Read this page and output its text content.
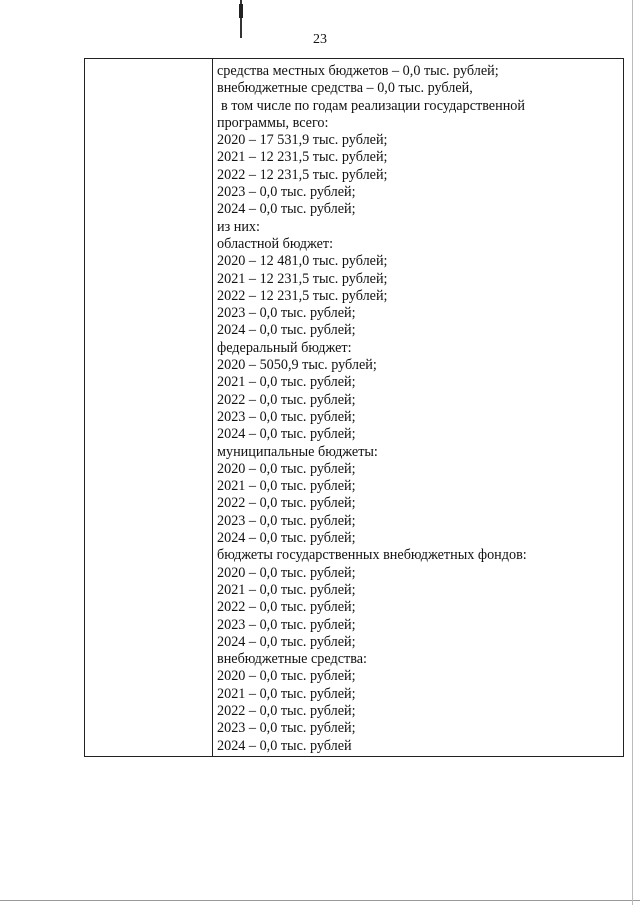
23
средства местных бюджетов – 0,0 тыс. рублей;
внебюджетные средства – 0,0 тыс. рублей,
в том числе по годам реализации государственной
программы, всего:
2020 – 17 531,9 тыс. рублей;
2021 – 12 231,5 тыс. рублей;
2022 – 12 231,5 тыс. рублей;
2023 – 0,0 тыс. рублей;
2024 – 0,0 тыс. рублей;
из них:
областной бюджет:
2020 – 12 481,0 тыс. рублей;
2021 – 12 231,5 тыс. рублей;
2022 – 12 231,5 тыс. рублей;
2023 – 0,0 тыс. рублей;
2024 – 0,0 тыс. рублей;
федеральный бюджет:
2020 – 5050,9 тыс. рублей;
2021 – 0,0 тыс. рублей;
2022 – 0,0 тыс. рублей;
2023 – 0,0 тыс. рублей;
2024 – 0,0 тыс. рублей;
муниципальные бюджеты:
2020 – 0,0 тыс. рублей;
2021 – 0,0 тыс. рублей;
2022 – 0,0 тыс. рублей;
2023 – 0,0 тыс. рублей;
2024 – 0,0 тыс. рублей;
бюджеты государственных внебюджетных фондов:
2020 – 0,0 тыс. рублей;
2021 – 0,0 тыс. рублей;
2022 – 0,0 тыс. рублей;
2023 – 0,0 тыс. рублей;
2024 – 0,0 тыс. рублей;
внебюджетные средства:
2020 – 0,0 тыс. рублей;
2021 – 0,0 тыс. рублей;
2022 – 0,0 тыс. рублей;
2023 – 0,0 тыс. рублей;
2024 – 0,0 тыс. рублей
